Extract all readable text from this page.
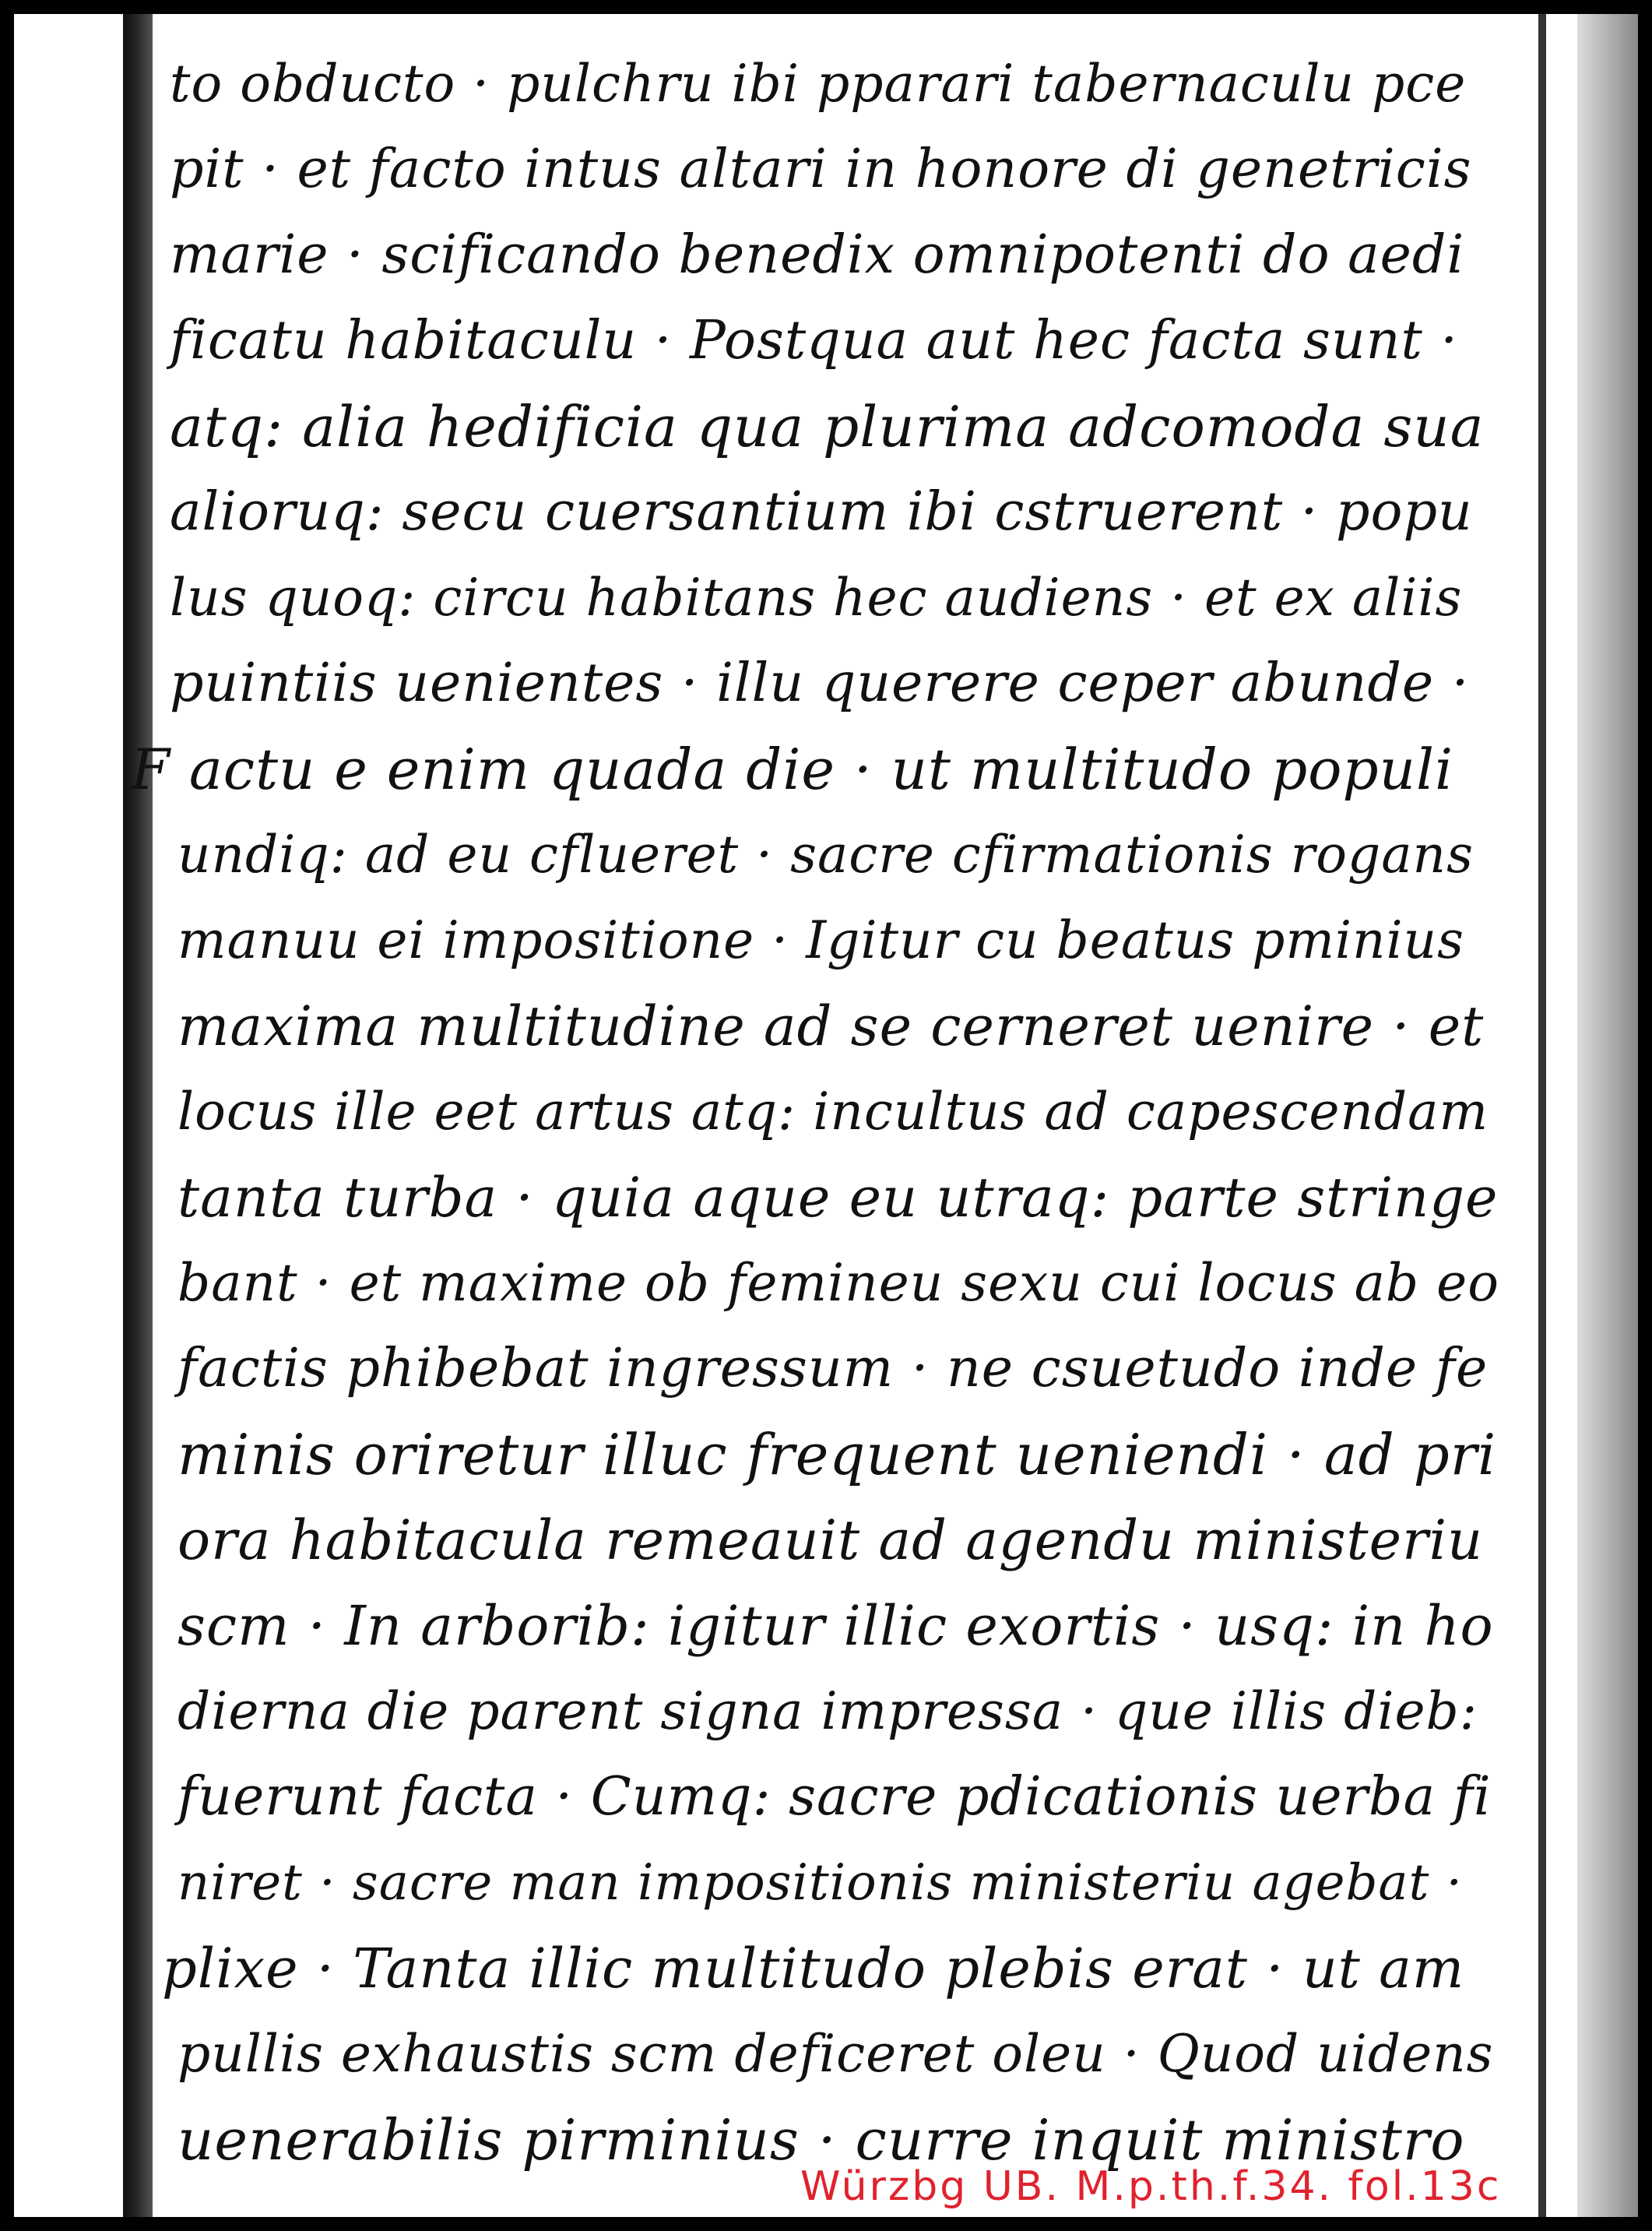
to obducto · pulchru ibi pparari tabernaculu pce
pit · et facto intus altari in honore di genetricis
marie · scificando benedix omnipotenti do aedi
ficatu habitaculu · Postqua aut hec facta sunt ·
atq: alia hedificia qua plurima adcomoda sua
alioruq: secu cuersantium ibi cstruerent · popu
lus quoq: circu habitans hec audiens · et ex aliis
puintiis uenientes · illu querere ceper abunde ·
F actu e enim quada die · ut multitudo populi
undiq: ad eu cflueret · sacre cfirmationis rogans
manuu ei impositione · Igitur cu beatus pminius
maxima multitudine ad se cerneret uenire · et
locus ille eet artus atq: incultus ad capescendam
tanta turba · quia aque eu utraq: parte stringe
bant · et maxime ob femineu sexu cui locus ab eo
factis phibebat ingressum · ne csuetudo inde fe
minis oriretur illuc frequent ueniendi · ad pri
ora habitacula remeauit ad agendu ministeriu
scm · In arborib: igitur illic exortis · usq: in ho
dierna die parent signa impressa · que illis dieb:
fuerunt facta · Cumq: sacre pdicationis uerba fi
niret · sacre man impositionis ministeriu agebat ·
plixe · Tanta illic multitudo plebis erat · ut am
pullis exhaustis scm deficeret oleu · Quod uidens
uenerabilis pirminius · curre inquit ministro
Würzbg UB. M.p.th.f.34. fol.13c
